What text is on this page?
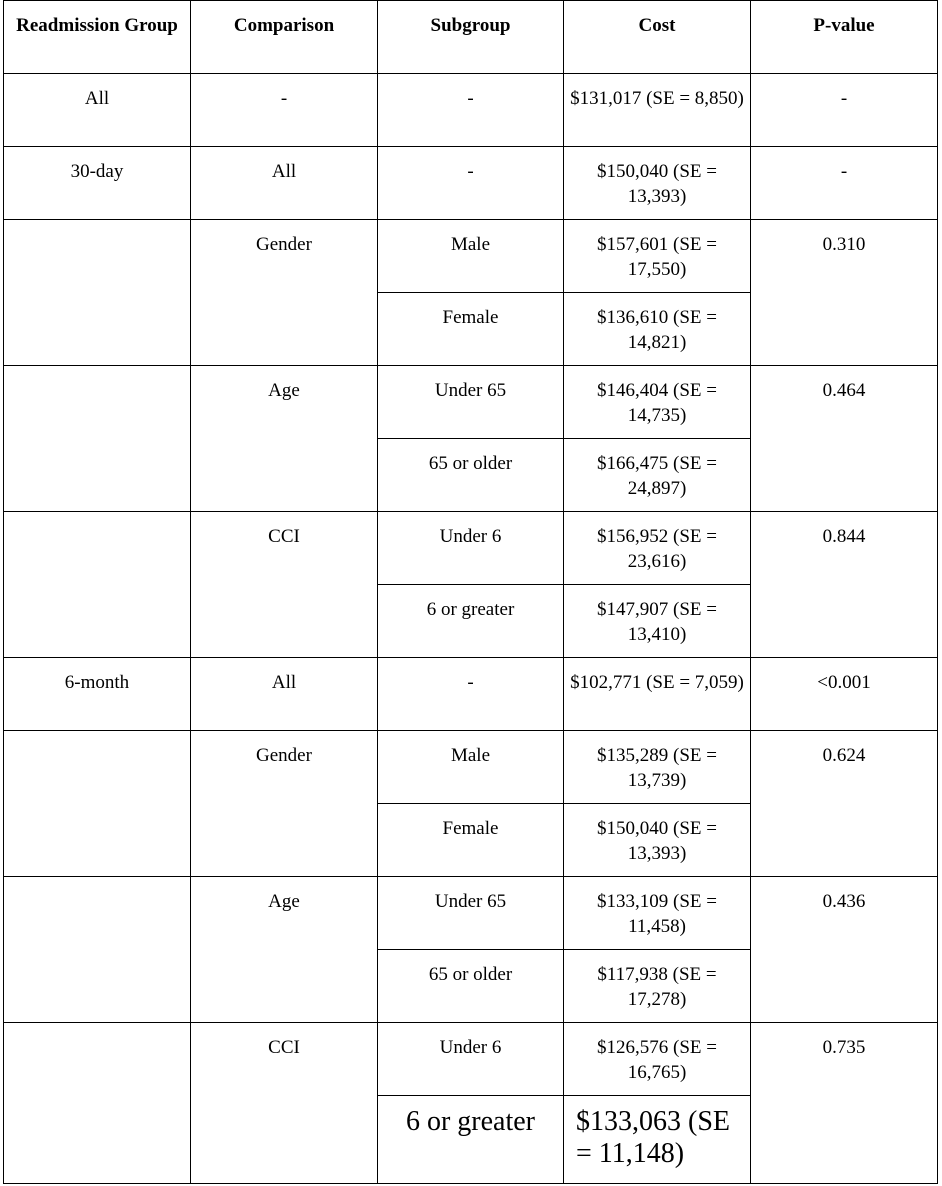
Readmission Group	Comparison	Subgroup	Cost	P-value
All	-	-	$131,017 (SE = 8,850)	-
30-day	All	-	$150,040 (SE = 13,393)	-
	Gender	Male	$157,601 (SE = 17,550)	0.310
		Female	$136,610 (SE = 14,821)	
	Age	Under 65	$146,404 (SE = 14,735)	0.464
		65 or older	$166,475 (SE = 24,897)	
	CCI	Under 6	$156,952 (SE = 23,616)	0.844
		6 or greater	$147,907 (SE = 13,410)	
6-month	All	-	$102,771 (SE = 7,059)	<0.001
	Gender	Male	$135,289 (SE = 13,739)	0.624
		Female	$150,040 (SE = 13,393)	
	Age	Under 65	$133,109 (SE = 11,458)	0.436
		65 or older	$117,938 (SE = 17,278)	
	CCI	Under 6	$126,576 (SE = 16,765)	0.735
		6 or greater	$133,063 (SE = 11,148)	
